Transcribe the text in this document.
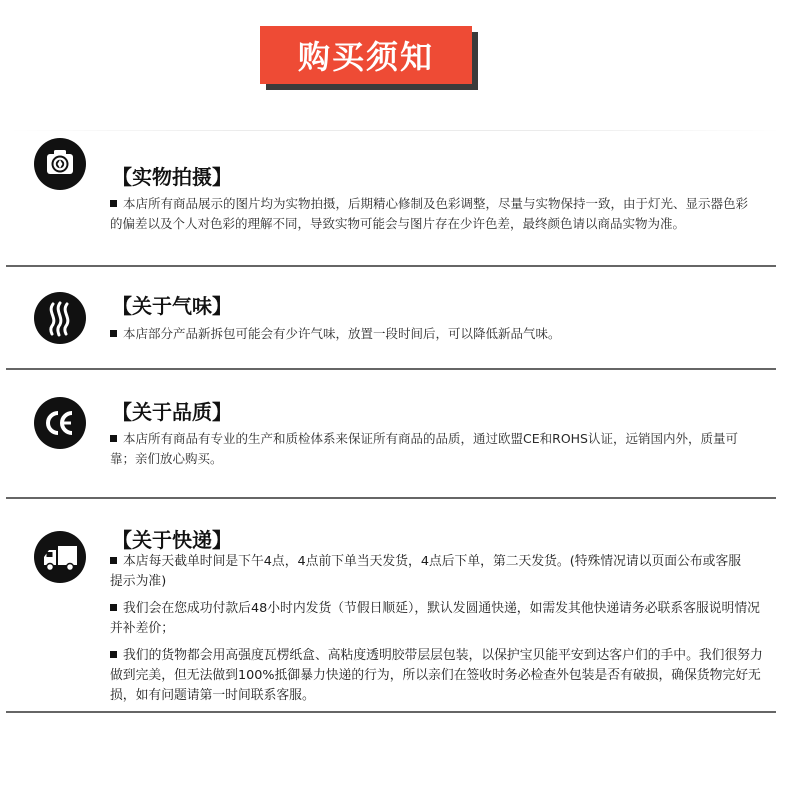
购买须知
【实物拍摄】
本店所有商品展示的图片均为实物拍摄，后期精心修制及色彩调整，尽量与实物保持一致，由于灯光、显示器色彩的偏差以及个人对色彩的理解不同，导致实物可能会与图片存在少许色差，最终颜色请以商品实物为准。
【关于气味】
本店部分产品新拆包可能会有少许气味，放置一段时间后，可以降低新品气味。
【关于品质】
本店所有商品有专业的生产和质检体系来保证所有商品的品质，通过欧盟CE和ROHS认证，远销国内外，质量可靠；亲们放心购买。
【关于快递】
本店每天截单时间是下午4点，4点前下单当天发货，4点后下单，第二天发货。(特殊情况请以页面公布或客服提示为准)
我们会在您成功付款后48小时内发货（节假日顺延），默认发圆通快递，如需发其他快递请务必联系客服说明情况并补差价；
我们的货物都会用高强度瓦楞纸盒、高粘度透明胶带层层包装，以保护宝贝能平安到达客户们的手中。我们很努力做到完美，但无法做到100%抵御暴力快递的行为，所以亲们在签收时务必检查外包装是否有破损，确保货物完好无损，如有问题请第一时间联系客服。
